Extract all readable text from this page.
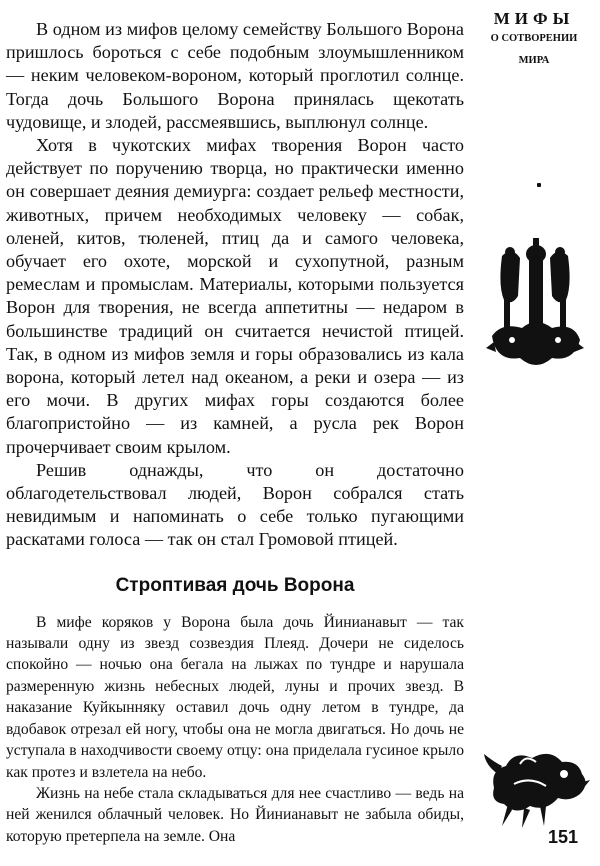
В одном из мифов целому семейству Большого Ворона пришлось бороться с себе подобным злоумышленником — неким человеком-вороном, который проглотил солнце. Тогда дочь Большого Ворона принялась щекотать чудовище, и злодей, рассмеявшись, выплюнул солнце.

Хотя в чукотских мифах творения Ворон часто действует по поручению творца, но практически именно он совершает деяния демиурга: создает рельеф местности, животных, причем необходимых человеку — собак, оленей, китов, тюленей, птиц да и самого человека, обучает его охоте, морской и сухопутной, разным ремеслам и промыслам. Материалы, которыми пользуется Ворон для творения, не всегда аппетитны — недаром в большинстве традиций он считается нечистой птицей. Так, в одном из мифов земля и горы образовались из кала ворона, который летел над океаном, а реки и озера — из его мочи. В других мифах горы создаются более благопристойно — из камней, а русла рек Ворон прочерчивает своим крылом.

Решив однажды, что он достаточно облагодетельствовал людей, Ворон собрался стать невидимым и напоминать о себе только пугающими раскатами голоса — так он стал Громовой птицей.

Строптивая дочь Ворона

В мифе коряков у Ворона была дочь Йинианавыт — так называли одну из звезд созвездия Плеяд. Дочери не сиделось спокойно — ночью она бегала на лыжах по тундре и нарушала размеренную жизнь небесных людей, луны и прочих звезд. В наказание Куйкынняку оставил дочь одну летом в тундре, да вдобавок отрезал ей ногу, чтобы она не могла двигаться. Но дочь не уступала в находчивости своему отцу: она приделала гусиное крыло как протез и взлетела на небо.

Жизнь на небе стала складываться для нее счастливо — ведь на ней женился облачный человек. Но Йинианавыт не забыла обиды, которую претерпела на земле. Она

МИФЫ
О СОТВОРЕНИИ
МИРА
151
